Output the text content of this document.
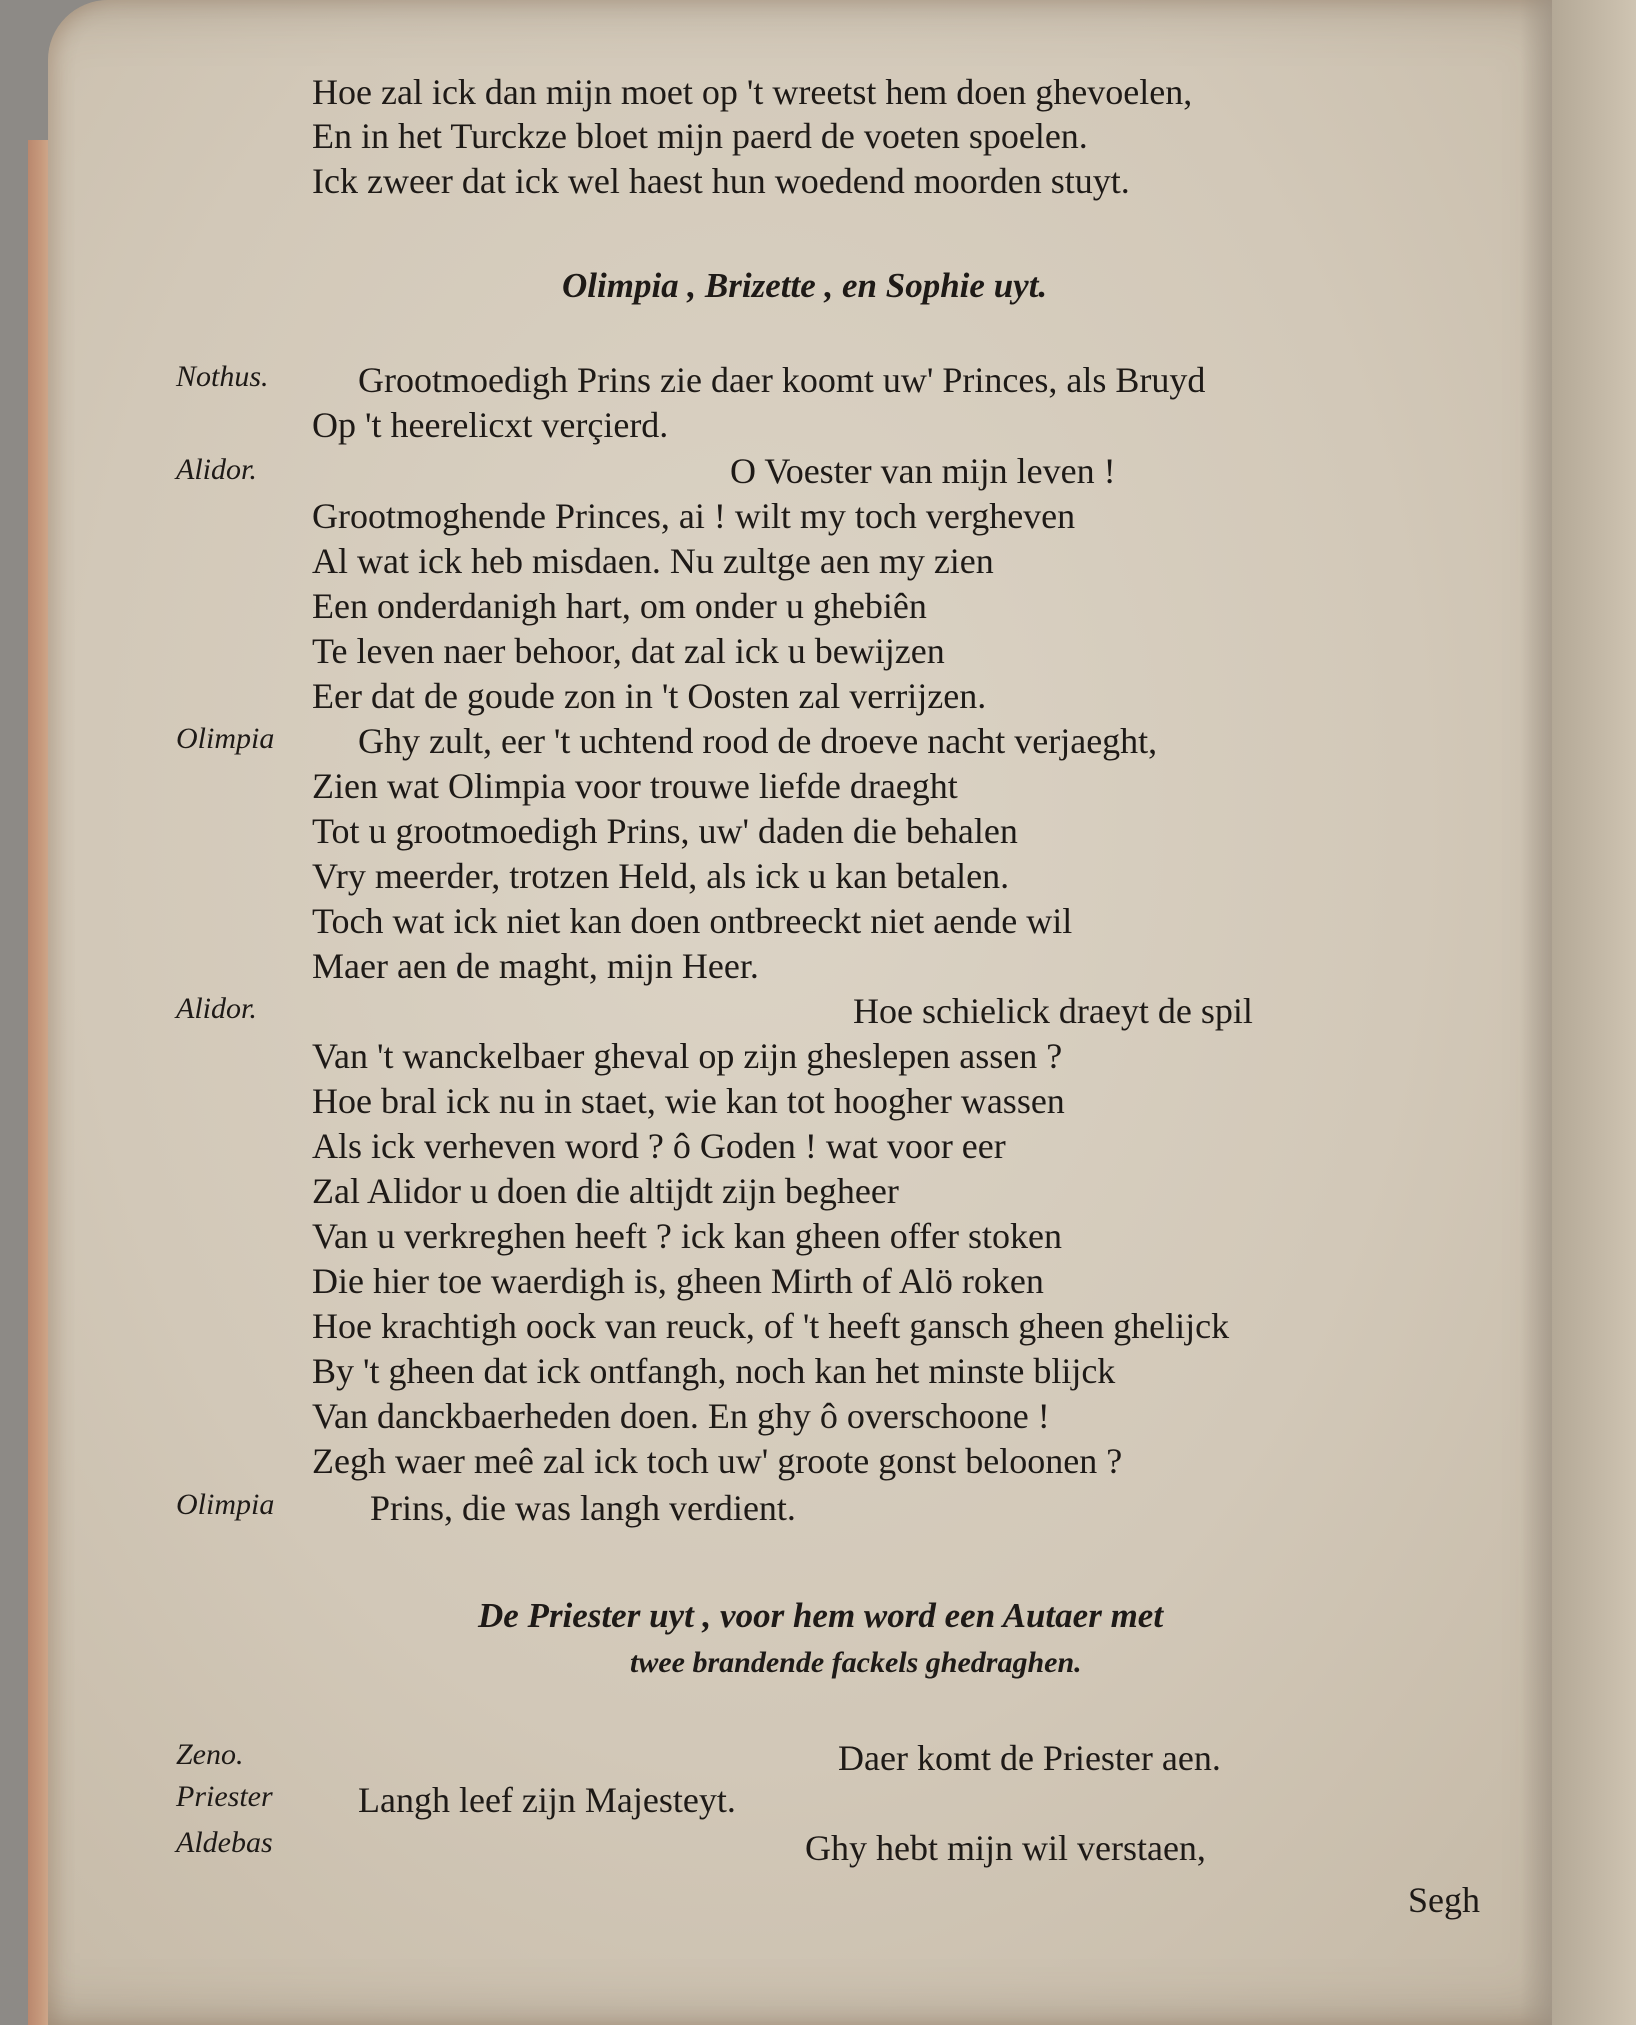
Hoe zal ick dan mijn moet op 't wreetst hem doen ghevoelen,
En in het Turckze bloet mijn paerd de voeten spoelen.
Ick zweer dat ick wel haest hun woedend moorden stuyt.
Olimpia , Brizette , en Sophie uyt.
Nothus. Grootmoedigh Prins zie daer koomt uw' Princes, als Bruyd
Op 't heerelicxt verçierd.
Alidor.	O Voester van mijn leven !
Grootmoghende Princes, ai ! wilt my toch vergheven
Al wat ick heb misdaen. Nu zultge aen my zien
Een onderdanigh hart, om onder u ghebiên
Te leven naer behoor, dat zal ick u bewijzen
Eer dat de goude zon in 't Oosten zal verrijzen.
Olimpia Ghy zult, eer 't uchtend rood de droeve nacht verjaeght,
Zien wat Olimpia voor trouwe liefde draeght
Tot u grootmoedigh Prins, uw' daden die behalen
Vry meerder, trotzen Held, als ick u kan betalen.
Toch wat ick niet kan doen ontbreeckt niet aende wil
Maer aen de maght, mijn Heer.
Alidor.	Hoe schielick draeyt de spil
Van 't wanckelbaer gheval op zijn gheslepen assen ?
Hoe bral ick nu in staet, wie kan tot hoogher wassen
Als ick verheven word ? ô Goden ! wat voor eer
Zal Alidor u doen die altijdt zijn begheer
Van u verkreghen heeft ? ick kan gheen offer stoken
Die hier toe waerdigh is, gheen Mirth of Alö roken
Hoe krachtigh oock van reuck, of 't heeft gansch gheen ghelijck
By 't gheen dat ick ontfangh, noch kan het minste blijck
Van danckbaerheden doen. En ghy ô overschoone !
Zegh waer meê zal ick toch uw' groote gonst beloonen ?
Olimpia	Prins, die was langh verdient.
De Priester uyt , voor hem word een Autaer met
twee brandende fackels ghedraghen.
Zeno.	Daer komt de Priester aen.
Priester Langh leef zijn Majesteyt.
Aldebas	Ghy hebt mijn wil verstaen,
Segh
